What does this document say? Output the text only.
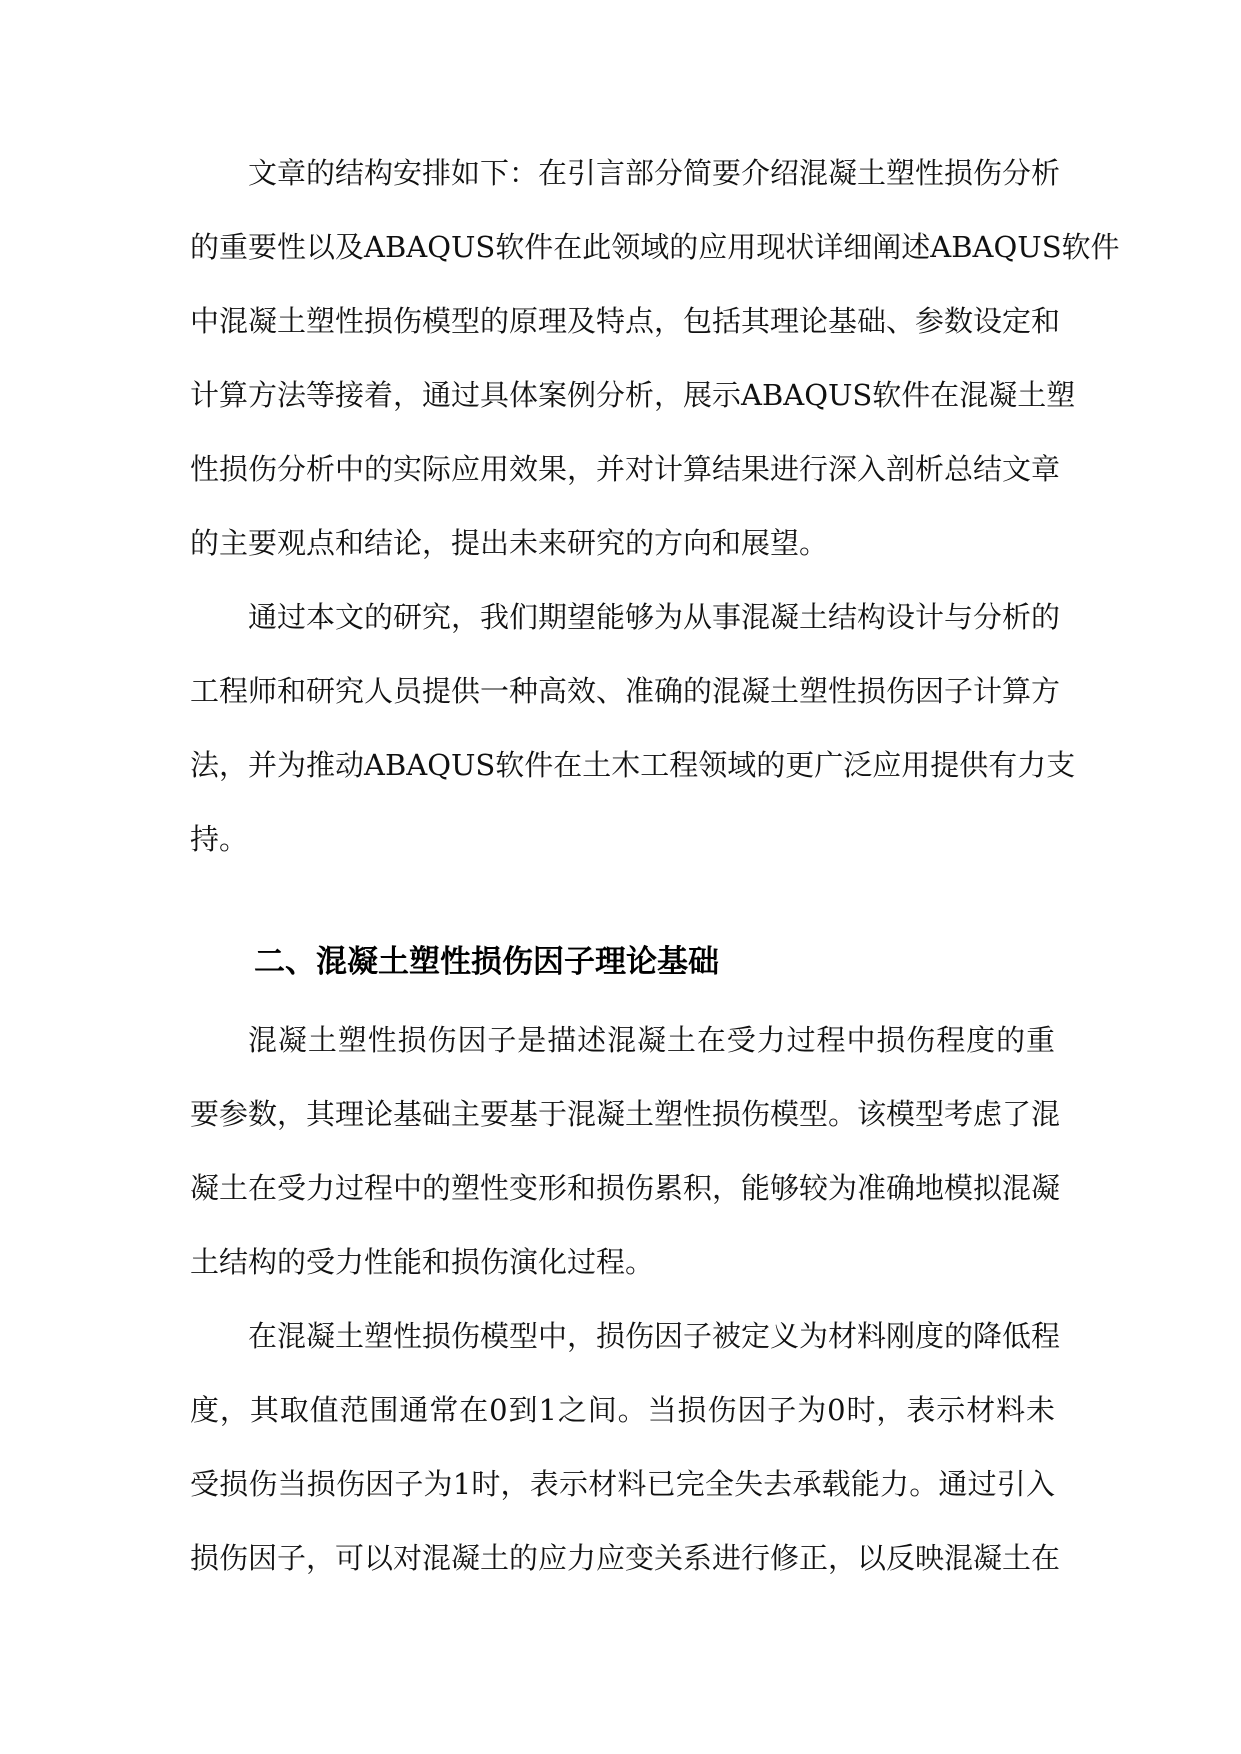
文章的结构安排如下：在引言部分简要介绍混凝土塑性损伤分析
的重要性以及ABAQUS软件在此领域的应用现状详细阐述ABAQUS软件
中混凝土塑性损伤模型的原理及特点，包括其理论基础、参数设定和
计算方法等接着，通过具体案例分析，展示ABAQUS软件在混凝土塑
性损伤分析中的实际应用效果，并对计算结果进行深入剖析总结文章
的主要观点和结论，提出未来研究的方向和展望。
通过本文的研究，我们期望能够为从事混凝土结构设计与分析的
工程师和研究人员提供一种高效、准确的混凝土塑性损伤因子计算方
法，并为推动ABAQUS软件在土木工程领域的更广泛应用提供有力支
持。
二、混凝土塑性损伤因子理论基础
混凝土塑性损伤因子是描述混凝土在受力过程中损伤程度的重
要参数，其理论基础主要基于混凝土塑性损伤模型。该模型考虑了混
凝土在受力过程中的塑性变形和损伤累积，能够较为准确地模拟混凝
土结构的受力性能和损伤演化过程。
在混凝土塑性损伤模型中，损伤因子被定义为材料刚度的降低程
度，其取值范围通常在0到1之间。当损伤因子为0时，表示材料未
受损伤当损伤因子为1时，表示材料已完全失去承载能力。通过引入
损伤因子，可以对混凝土的应力应变关系进行修正，以反映混凝土在
